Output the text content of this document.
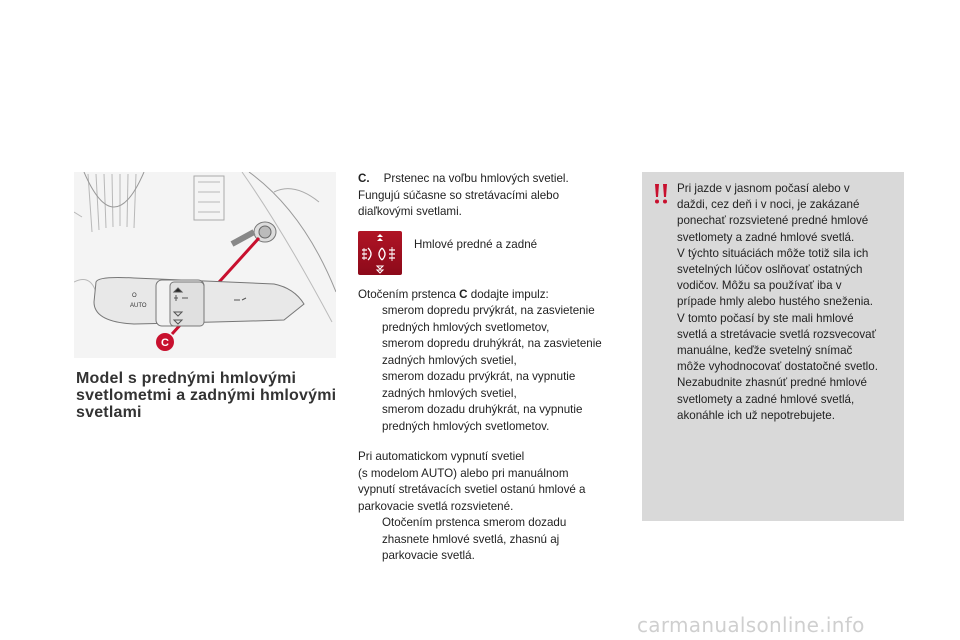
O
AUTO
C
Model s prednými hmlovými
svetlometmi a zadnými hmlovými
svetlami

C. Prstenec na voľbu hmlových svetiel.
Fungujú súčasne so stretávacími alebo
diaľkovými svetlami.

Hmlové predné a zadné

Otočením prstenca C dodajte impulz:

smerom dopredu prvýkrát, na zasvietenie
predných hmlových svetlometov,
smerom dopredu druhýkrát, na zasvietenie
zadných hmlových svetiel,
smerom dozadu prvýkrát, na vypnutie
zadných hmlových svetiel,
smerom dozadu druhýkrát, na vypnutie
predných hmlových svetlometov.

Pri automatickom vypnutí svetiel
(s modelom AUTO) alebo pri manuálnom
vypnutí stretávacích svetiel ostanú hmlové a
parkovacie svetlá rozsvietené.

Otočením prstenca smerom dozadu
zhasnete hmlové svetlá, zhasnú aj
parkovacie svetlá.
Pri jazde v jasnom počasí alebo v
daždi, cez deň i v noci, je zakázané
ponechať rozsvietené predné hmlové
svetlomety a zadné hmlové svetlá.
V týchto situáciách môže totiž sila ich
svetelných lúčov oslňovať ostatných
vodičov. Môžu sa používať iba v
prípade hmly alebo hustého sneženia.
V tomto počasí by ste mali hmlové
svetlá a stretávacie svetlá rozsvecovať
manuálne, keďže svetelný snímač
môže vyhodnocovať dostatočné svetlo.
Nezabudnite zhasnúť predné hmlové
svetlomety a zadné hmlové svetlá,
akonáhle ich už nepotrebujete.
carmanualsonline.info
